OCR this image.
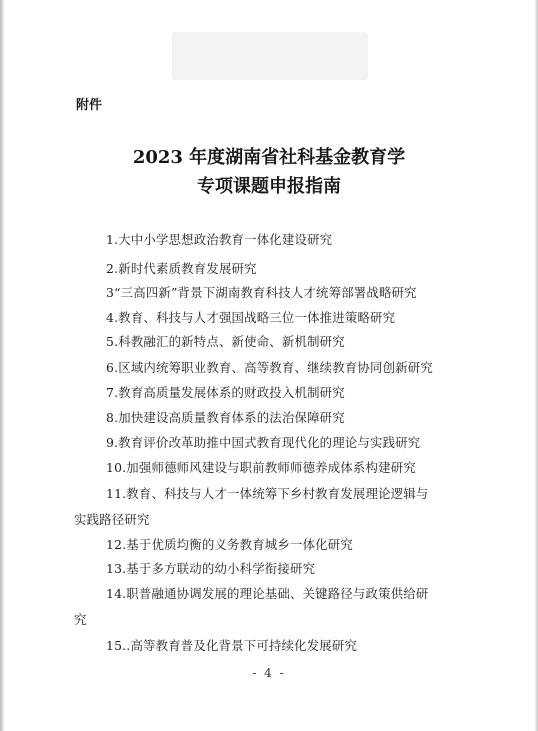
附件
2023 年度湖南省社科基金教育学
专项课题申报指南
1.大中小学思想政治教育一体化建设研究
2.新时代素质教育发展研究
3“三高四新”背景下湖南教育科技人才统筹部署战略研究
4.教育、科技与人才强国战略三位一体推进策略研究
5.科教融汇的新特点、新使命、新机制研究
6.区域内统筹职业教育、高等教育、继续教育协同创新研究
7.教育高质量发展体系的财政投入机制研究
8.加快建设高质量教育体系的法治保障研究
9.教育评价改革助推中国式教育现代化的理论与实践研究
10.加强师德师风建设与职前教师师德养成体系构建研究
11.教育、科技与人才一体统筹下乡村教育发展理论逻辑与
实践路径研究
12.基于优质均衡的义务教育城乡一体化研究
13.基于多方联动的幼小科学衔接研究
14.职普融通协调发展的理论基础、关键路径与政策供给研
究
15..高等教育普及化背景下可持续化发展研究
- 4 -
